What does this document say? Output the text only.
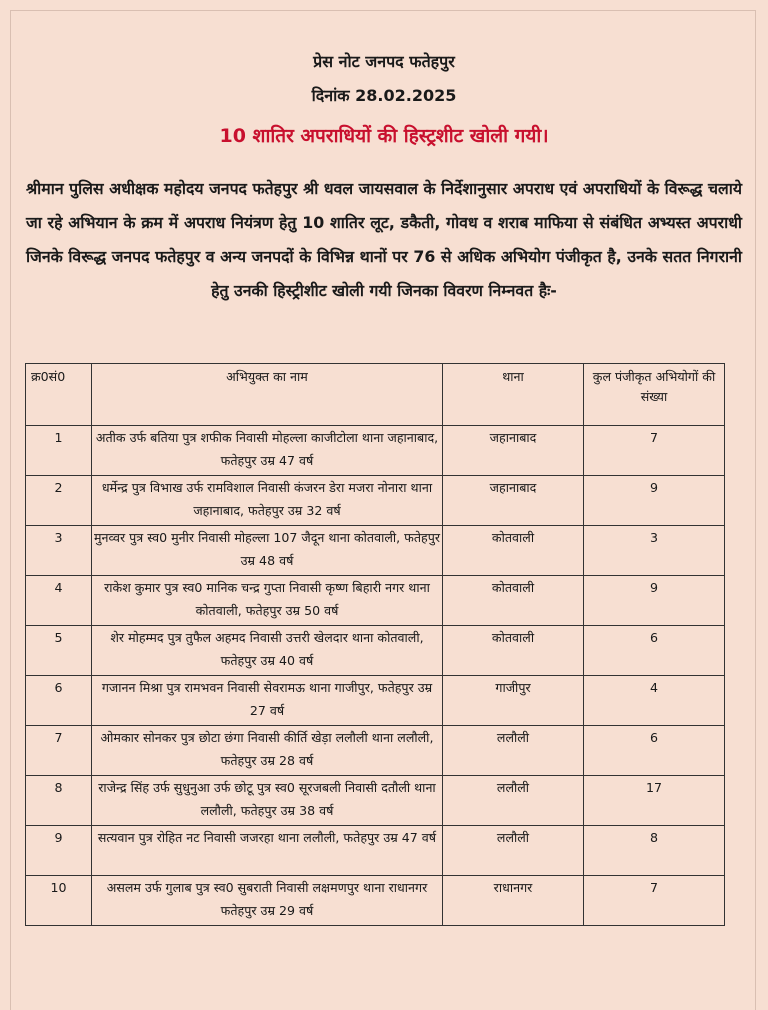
प्रेस नोट जनपद फतेहपुर
दिनांक 28.02.2025
10 शातिर अपराधियों की हिस्ट्रशीट खोली गयी।
श्रीमान पुलिस अधीक्षक महोदय जनपद फतेहपुर श्री धवल जायसवाल के निर्देशानुसार अपराध एवं अपराधियों के विरूद्ध चलाये जा रहे अभियान के क्रम में अपराध नियंत्रण हेतु 10 शातिर लूट, डकैती, गोवध व शराब माफिया से संबंधित अभ्यस्त अपराधी जिनके विरूद्ध जनपद फतेहपुर व अन्य जनपदों के विभिन्न थानों पर 76 से अधिक अभियोग पंजीकृत है, उनके सतत निगरानी हेतु उनकी हिस्ट्रीशीट खोली गयी जिनका विवरण निम्नवत हैः-
क्र0सं0	अभियुक्त का नाम	थाना	कुल पंजीकृत अभियोगों की संख्या
1	अतीक उर्फ बतिया पुत्र शफीक निवासी मोहल्ला काजीटोला थाना जहानाबाद, फतेहपुर उम्र 47 वर्ष	जहानाबाद	7
2	धर्मेन्द्र पुत्र विभाख उर्फ रामविशाल निवासी कंजरन डेरा मजरा नोनारा थाना जहानाबाद, फतेहपुर उम्र 32 वर्ष	जहानाबाद	9
3	मुनव्वर पुत्र स्व0 मुनीर निवासी मोहल्ला 107 जैदून थाना कोतवाली, फतेहपुर उम्र 48 वर्ष	कोतवाली	3
4	राकेश कुमार पुत्र स्व0 मानिक चन्द्र गुप्ता निवासी कृष्ण बिहारी नगर थाना कोतवाली, फतेहपुर उम्र 50 वर्ष	कोतवाली	9
5	शेर मोहम्मद पुत्र तुफैल अहमद निवासी उत्तरी खेलदार थाना कोतवाली, फतेहपुर उम्र 40 वर्ष	कोतवाली	6
6	गजानन मिश्रा पुत्र रामभवन निवासी सेवरामऊ थाना गाजीपुर, फतेहपुर उम्र 27 वर्ष	गाजीपुर	4
7	ओमकार सोनकर पुत्र छोटा छंगा निवासी कीर्ति खेड़ा ललौली थाना ललौली, फतेहपुर उम्र 28 वर्ष	ललौली	6
8	राजेन्द्र सिंह उर्फ सुधुनुआ उर्फ छोटू पुत्र स्व0 सूरजबली निवासी दतौली थाना ललौली, फतेहपुर उम्र 38 वर्ष	ललौली	17
9	सत्यवान पुत्र रोहित नट निवासी जजरहा थाना ललौली, फतेहपुर उम्र 47 वर्ष	ललौली	8
10	असलम उर्फ गुलाब पुत्र स्व0 सुबराती निवासी लक्षमणपुर थाना राधानगर फतेहपुर उम्र 29 वर्ष	राधानगर	7
